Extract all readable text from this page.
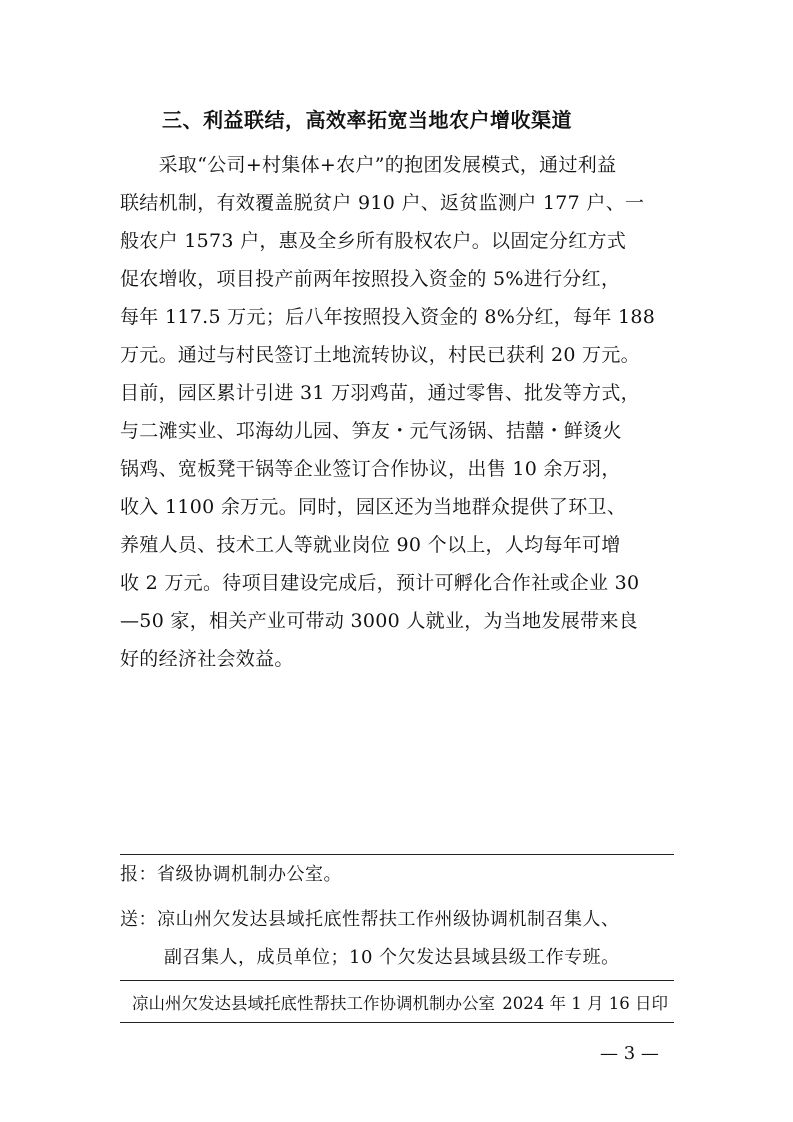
三、利益联结，高效率拓宽当地农户增收渠道
　　采取“公司+村集体+农户”的抱团发展模式，通过利益
联结机制，有效覆盖脱贫户 910 户、返贫监测户 177 户、一
般农户 1573 户，惠及全乡所有股权农户。以固定分红方式
促农增收，项目投产前两年按照投入资金的 5%进行分红，
每年 117.5 万元；后八年按照投入资金的 8%分红，每年 188
万元。通过与村民签订土地流转协议，村民已获利 20 万元。
目前，园区累计引进 31 万羽鸡苗，通过零售、批发等方式，
与二滩实业、邛海幼儿园、笋友・元气汤锅、拮囍・鲜烫火
锅鸡、宽板凳干锅等企业签订合作协议，出售 10 余万羽，
收入 1100 余万元。同时，园区还为当地群众提供了环卫、
养殖人员、技术工人等就业岗位 90 个以上，人均每年可增
收 2 万元。待项目建设完成后，预计可孵化合作社或企业 30
—50 家，相关产业可带动 3000 人就业，为当地发展带来良
好的经济社会效益。
报：省级协调机制办公室。
送：凉山州欠发达县域托底性帮扶工作州级协调机制召集人、
副召集人，成员单位；10 个欠发达县域县级工作专班。
凉山州欠发达县域托底性帮扶工作协调机制办公室 2024 年 1 月 16 日印
— 3 —
